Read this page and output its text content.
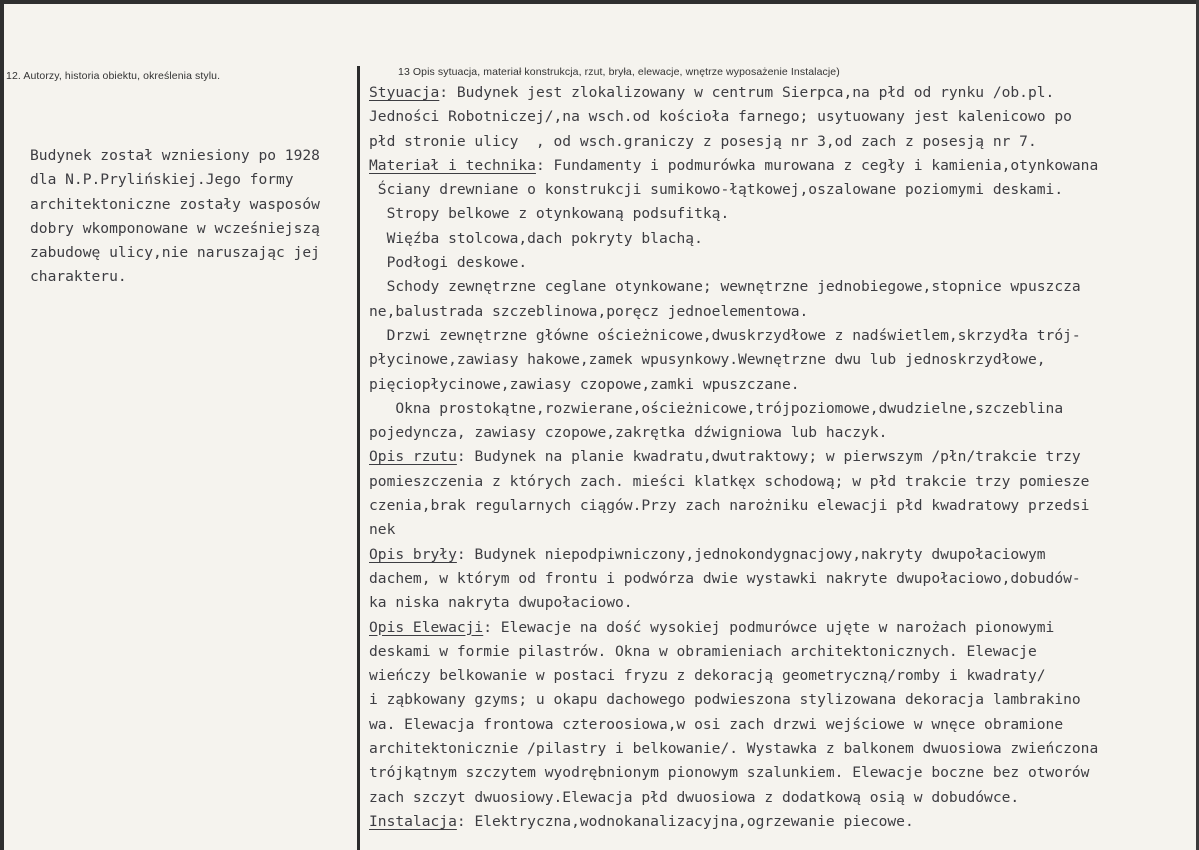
12. Autorzy, historia obiektu, określenia stylu.	13 Opis sytuacja, materiał konstrukcja, rzut, bryła, elewacje, wnętrze wyposażenie Instalacje)
Budynek został wzniesiony po 1928
dla N.P.Prylińskiej.Jego formy
architektoniczne zostały wasposów
dobry wkomponowane w wcześniejszą
zabudowę ulicy,nie naruszając jej
charakteru.
Styuacja: Budynek jest zlokalizowany w centrum Sierpca,na płd od rynku /ob.pl.
Jedności Robotniczej/,na wsch.od kościoła farnego; usytuowany jest kalenicowo po
płd stronie ulicy  , od wsch.graniczy z posesją nr 3,od zach z posesją nr 7.
Materiał i technika: Fundamenty i podmurówka murowana z cegły i kamienia,otynkowana
Ściany drewniane o konstrukcji sumikowo-łątkowej,oszalowane poziomymi deskami.
Stropy belkowe z otynkowaną podsufitką.
Więźba stolcowa,dach pokryty blachą.
Podłogi deskowe.
Schody zewnętrzne ceglane otynkowane; wewnętrzne jednobiegowe,stopnice wpuszcza
ne,balustrada szczeblinowa,poręcz jednoelementowa.
Drzwi zewnętrzne główne ościeżnicowe,dwuskrzydłowe z nadświetlem,skrzydła trój-
płycinowe,zawiasy hakowe,zamek wpusynkowy.Wewnętrzne dwu lub jednoskrzydłowe,
pięciopłycinowe,zawiasy czopowe,zamki wpuszczane.
Okna prostokątne,rozwierane,ościeżnicowe,trójpoziomowe,dwudzielne,szczeblina
pojedyncza, zawiasy czopowe,zakrętka dźwigniowa lub haczyk.
Opis rzutu: Budynek na planie kwadratu,dwutraktowy; w pierwszym /płn/trakcie trzy
pomieszczenia z których zach. mieści klatkęx schodową; w płd trakcie trzy pomiesze
czenia,brak regularnych ciągów.Przy zach narożniku elewacji płd kwadratowy przedsi
nek
Opis bryły: Budynek niepodpiwniczony,jednokondygnacjowy,nakryty dwupołaciowym
dachem, w którym od frontu i podwórza dwie wystawki nakryte dwupołaciowo,dobudów-
ka niska nakryta dwupołaciowo.
Opis Elewacji: Elewacje na dość wysokiej podmurówce ujęte w narożach pionowymi
deskami w formie pilastrów. Okna w obramieniach architektonicznych. Elewacje
wieńczy belkowanie w postaci fryzu z dekoracją geometryczną/romby i kwadraty/
i ząbkowany gzyms; u okapu dachowego podwieszona stylizowana dekoracja lambrakino
wa. Elewacja frontowa czteroosiowa,w osi zach drzwi wejściowe w wnęce obramione
architektonicznie /pilastry i belkowanie/. Wystawka z balkonem dwuosiowa zwieńczona
trójkątnym szczytem wyodrębnionym pionowym szalunkiem. Elewacje boczne bez otworów
zach szczyt dwuosiowy.Elewacja płd dwuosiowa z dodatkową osią w dobudówce.
Instalacja: Elektryczna,wodnokanalizacyjna,ogrzewanie piecowe.
